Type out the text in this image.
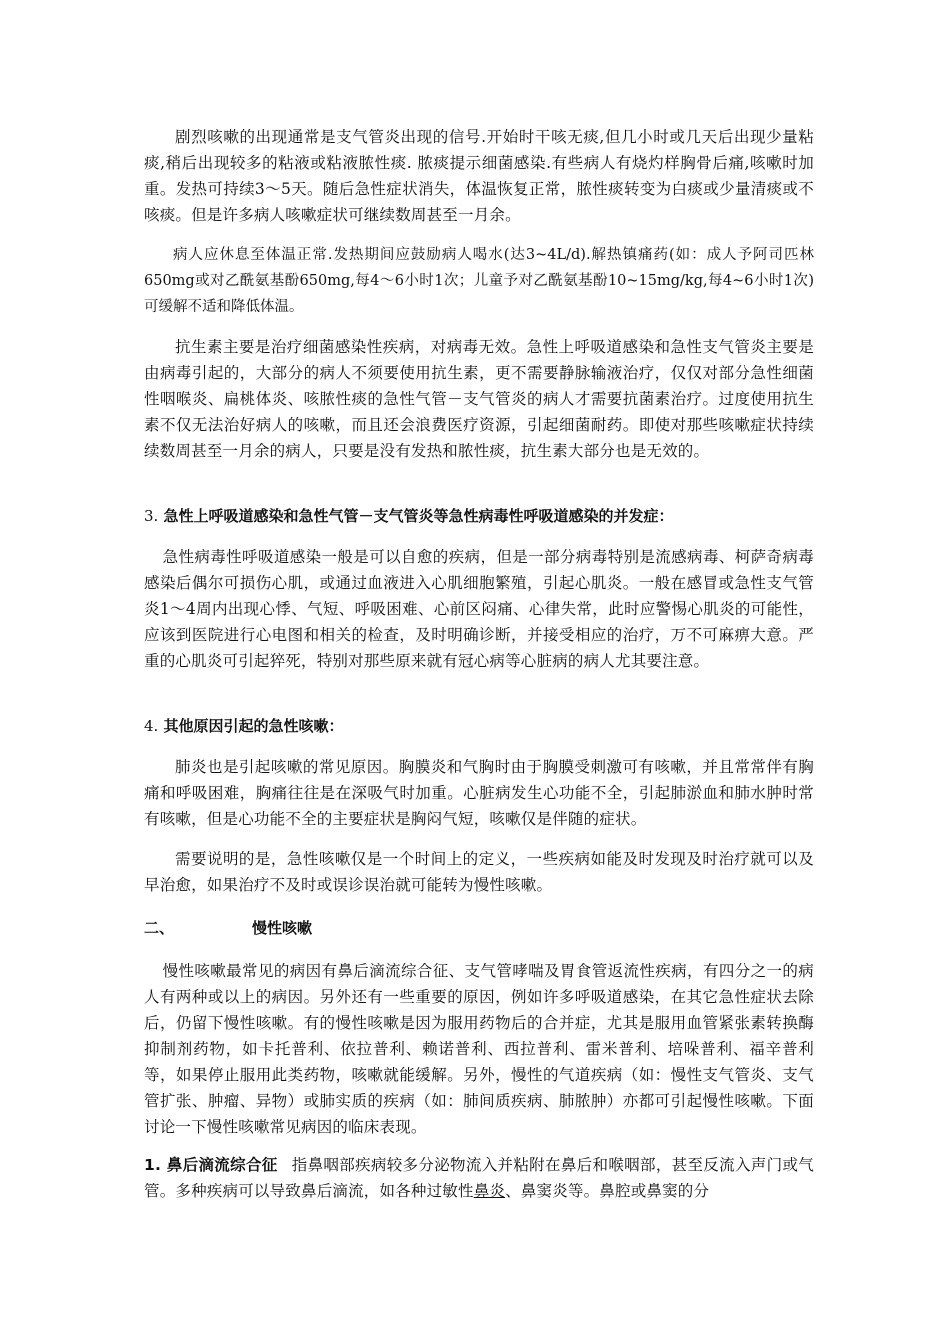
剧烈咳嗽的出现通常是支气管炎出现的信号.开始时干咳无痰,但几小时或几天后出现少量粘痰,稍后出现较多的粘液或粘液脓性痰. 脓痰提示细菌感染.有些病人有烧灼样胸骨后痛,咳嗽时加重。发热可持续3～5天。随后急性症状消失，体温恢复正常，脓性痰转变为白痰或少量清痰或不咳痰。但是许多病人咳嗽症状可继续数周甚至一月余。
病人应休息至体温正常.发热期间应鼓励病人喝水(达3~4L/d).解热镇痛药(如：成人予阿司匹林650mg或对乙酰氨基酚650mg,每4～6小时1次；儿童予对乙酰氨基酚10~15mg/kg,每4~6小时1次)可缓解不适和降低体温。
抗生素主要是治疗细菌感染性疾病，对病毒无效。急性上呼吸道感染和急性支气管炎主要是由病毒引起的，大部分的病人不须要使用抗生素，更不需要静脉输液治疗，仅仅对部分急性细菌性咽喉炎、扁桃体炎、咳脓性痰的急性气管－支气管炎的病人才需要抗菌素治疗。过度使用抗生素不仅无法治好病人的咳嗽，而且还会浪费医疗资源，引起细菌耐药。即使对那些咳嗽症状持续续数周甚至一月余的病人，只要是没有发热和脓性痰，抗生素大部分也是无效的。
3. 急性上呼吸道感染和急性气管－支气管炎等急性病毒性呼吸道感染的并发症：
急性病毒性呼吸道感染一般是可以自愈的疾病，但是一部分病毒特别是流感病毒、柯萨奇病毒感染后偶尔可损伤心肌，或通过血液进入心肌细胞繁殖，引起心肌炎。一般在感冒或急性支气管炎1～4周内出现心悸、气短、呼吸困难、心前区闷痛、心律失常，此时应警惕心肌炎的可能性，应该到医院进行心电图和相关的检查，及时明确诊断，并接受相应的治疗，万不可麻痹大意。严重的心肌炎可引起猝死，特别对那些原来就有冠心病等心脏病的病人尤其要注意。
4. 其他原因引起的急性咳嗽：
肺炎也是引起咳嗽的常见原因。胸膜炎和气胸时由于胸膜受刺激可有咳嗽，并且常常伴有胸痛和呼吸困难，胸痛往往是在深吸气时加重。心脏病发生心功能不全，引起肺淤血和肺水肿时常有咳嗽，但是心功能不全的主要症状是胸闷气短，咳嗽仅是伴随的症状。
需要说明的是，急性咳嗽仅是一个时间上的定义，一些疾病如能及时发现及时治疗就可以及早治愈，如果治疗不及时或误诊误治就可能转为慢性咳嗽。
二、	慢性咳嗽
慢性咳嗽最常见的病因有鼻后滴流综合征、支气管哮喘及胃食管返流性疾病，有四分之一的病人有两种或以上的病因。另外还有一些重要的原因，例如许多呼吸道感染，在其它急性症状去除后，仍留下慢性咳嗽。有的慢性咳嗽是因为服用药物后的合并症，尤其是服用血管紧张素转换酶抑制剂药物，如卡托普利、依拉普利、赖诺普利、西拉普利、雷米普利、培哚普利、福辛普利等，如果停止服用此类药物，咳嗽就能缓解。另外，慢性的气道疾病（如：慢性支气管炎、支气管扩张、肿瘤、异物）或肺实质的疾病（如：肺间质疾病、肺脓肿）亦都可引起慢性咳嗽。下面讨论一下慢性咳嗽常见病因的临床表现。
1. 鼻后滴流综合征 指鼻咽部疾病较多分泌物流入并粘附在鼻后和喉咽部，甚至反流入声门或气管。多种疾病可以导致鼻后滴流，如各种过敏性鼻炎、鼻窦炎等。鼻腔或鼻窦的分
